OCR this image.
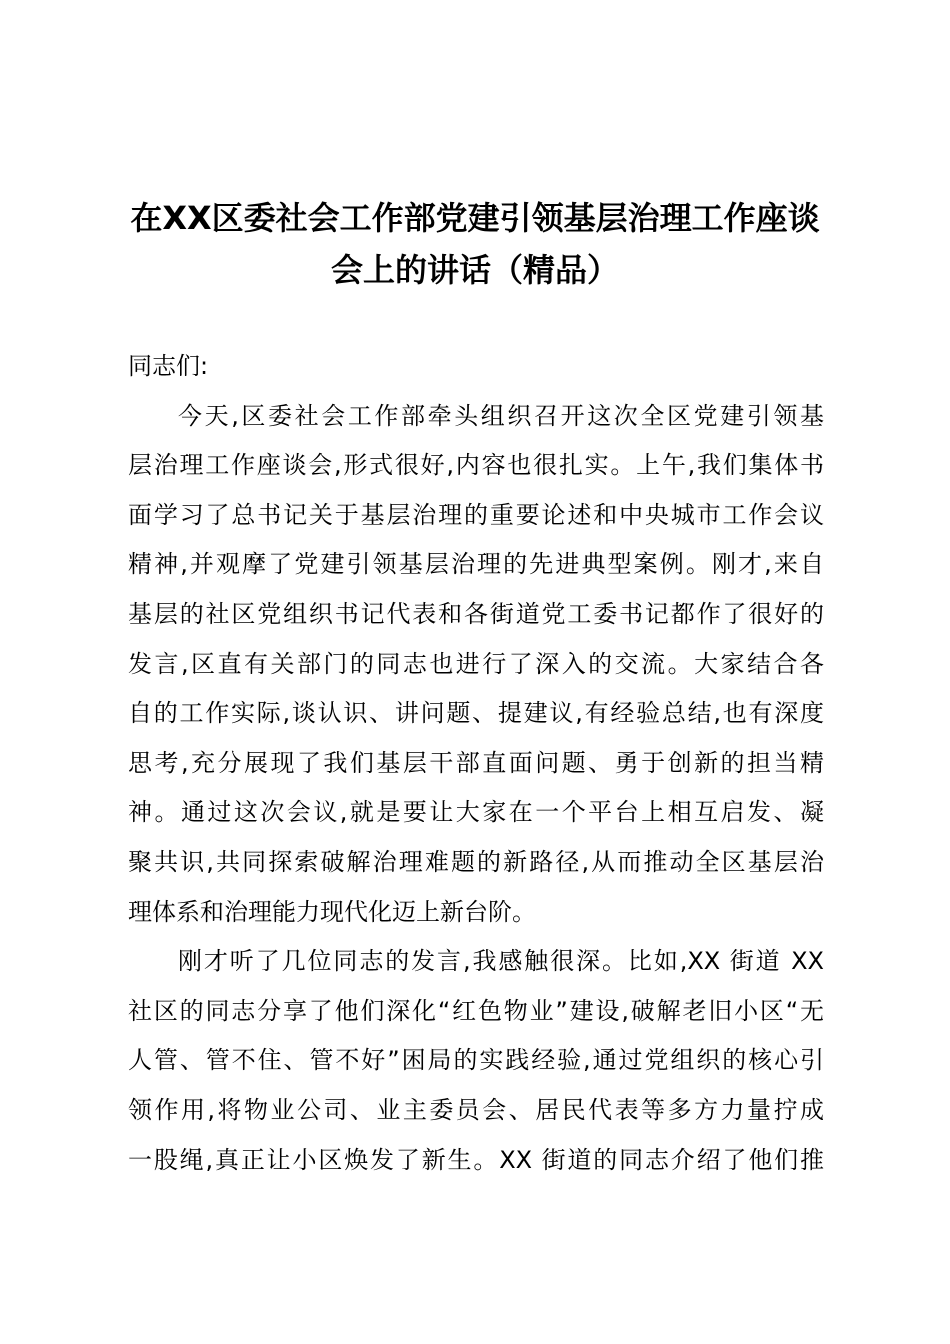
在XX区委社会工作部党建引领基层治理工作座谈
会上的讲话（精品）
同志们:
今天,区委社会工作部牵头组织召开这次全区党建引领基
层治理工作座谈会,形式很好,内容也很扎实。上午,我们集体书
面学习了总书记关于基层治理的重要论述和中央城市工作会议
精神,并观摩了党建引领基层治理的先进典型案例。刚才,来自
基层的社区党组织书记代表和各街道党工委书记都作了很好的
发言,区直有关部门的同志也进行了深入的交流。大家结合各
自的工作实际,谈认识、讲问题、提建议,有经验总结,也有深度
思考,充分展现了我们基层干部直面问题、勇于创新的担当精
神。通过这次会议,就是要让大家在一个平台上相互启发、凝
聚共识,共同探索破解治理难题的新路径,从而推动全区基层治
理体系和治理能力现代化迈上新台阶。
刚才听了几位同志的发言,我感触很深。比如,XX 街道 XX
社区的同志分享了他们深化“红色物业”建设,破解老旧小区“无
人管、管不住、管不好”困局的实践经验,通过党组织的核心引
领作用,将物业公司、业主委员会、居民代表等多方力量拧成
一股绳,真正让小区焕发了新生。XX 街道的同志介绍了他们推
